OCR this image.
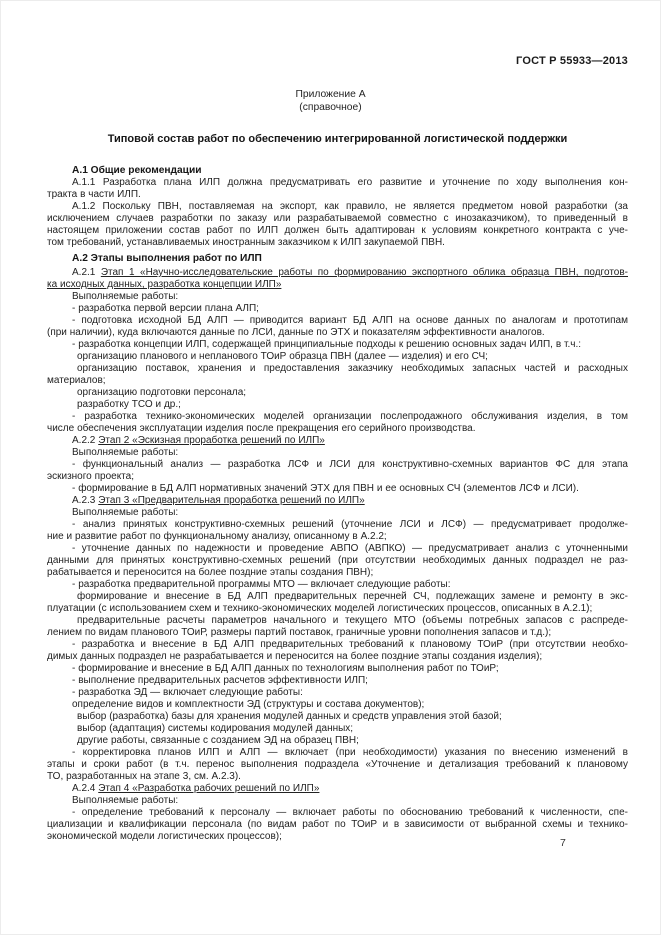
ГОСТ Р 55933—2013
Приложение А
(справочное)
Типовой состав работ по обеспечению интегрированной логистической поддержки
А.1 Общие рекомендации
А.1.1 Разработка плана ИЛП должна предусматривать его развитие и уточнение по ходу выполнения кон-
тракта в части ИЛП.
А.1.2 Поскольку ПВН, поставляемая на экспорт, как правило, не является предметом новой разработки (за
исключением случаев разработки по заказу или разрабатываемой совместно с инозаказчиком), то приведенный в
настоящем приложении состав работ по ИЛП должен быть адаптирован к условиям конкретного контракта с уче-
том требований, устанавливаемых иностранным заказчиком к ИЛП закупаемой ПВН.
А.2 Этапы выполнения работ по ИЛП
А.2.1 Этап 1 «Научно-исследовательские работы по формированию экспортного облика образца ПВН, подготов-
ка исходных данных, разработка концепции ИЛП»
Выполняемые работы:
- разработка первой версии плана АЛП;
- подготовка исходной БД АЛП — приводится вариант БД АЛП на основе данных по аналогам и прототипам
(при наличии), куда включаются данные по ЛСИ, данные по ЭТХ и показателям эффективности аналогов.
- разработка концепции ИЛП, содержащей принципиальные подходы к решению основных задач ИЛП, в т.ч.:
организацию планового и непланового ТОиР образца ПВН (далее — изделия) и его СЧ;
организацию поставок, хранения и предоставления заказчику необходимых запасных частей и расходных
материалов;
организацию подготовки персонала;
разработку ТСО и др.;
- разработка технико-экономических моделей организации послепродажного обслуживания изделия, в том
числе обеспечения эксплуатации изделия после прекращения его серийного производства.
А.2.2 Этап 2 «Эскизная проработка решений по ИЛП»
Выполняемые работы:
- функциональный анализ — разработка ЛСФ и ЛСИ для конструктивно-схемных вариантов ФС для этапа
эскизного проекта;
- формирование в БД АЛП нормативных значений ЭТХ для ПВН и ее основных СЧ (элементов ЛСФ и ЛСИ).
А.2.3 Этап 3 «Предварительная проработка решений по ИЛП»
Выполняемые работы:
- анализ принятых конструктивно-схемных решений (уточнение ЛСИ и ЛСФ) — предусматривает продолже-
ние и развитие работ по функциональному анализу, описанному в А.2.2;
- уточнение данных по надежности и проведение АВПО (АВПКО) — предусматривает анализ с уточненными
данными для принятых конструктивно-схемных решений (при отсутствии необходимых данных подраздел не раз-
рабатывается и переносится на более поздние этапы создания ПВН);
- разработка предварительной программы МТО — включает следующие работы:
формирование и внесение в БД АЛП предварительных перечней СЧ, подлежащих замене и ремонту в экс-
плуатации (с использованием схем и технико-экономических моделей логистических процессов, описанных в А.2.1);
предварительные расчеты параметров начального и текущего МТО (объемы потребных запасов с распреде-
лением по видам планового ТОиР, размеры партий поставок, граничные уровни пополнения запасов и т.д.);
- разработка и внесение в БД АЛП предварительных требований к плановому ТОиР (при отсутствии необхо-
димых данных подраздел не разрабатывается и переносится на более поздние этапы создания изделия);
- формирование и внесение в БД АЛП данных по технологиям выполнения работ по ТОиР;
- выполнение предварительных расчетов эффективности ИЛП;
- разработка ЭД — включает следующие работы:
определение видов и комплектности ЭД (структуры и состава документов);
выбор (разработка) базы для хранения модулей данных и средств управления этой базой;
выбор (адаптация) системы кодирования модулей данных;
другие работы, связанные с созданием ЭД на образец ПВН;
- корректировка планов ИЛП и АЛП — включает (при необходимости) указания по внесению изменений в
этапы и сроки работ (в т.ч. перенос выполнения подраздела «Уточнение и детализация требований к плановому
ТО, разработанных на этапе 3, см. А.2.3).
А.2.4 Этап 4 «Разработка рабочих решений по ИЛП»
Выполняемые работы:
- определение требований к персоналу — включает работы по обоснованию требований к численности, спе-
циализации и квалификации персонала (по видам работ по ТОиР и в зависимости от выбранной схемы и технико-
экономической модели логистических процессов);
7
